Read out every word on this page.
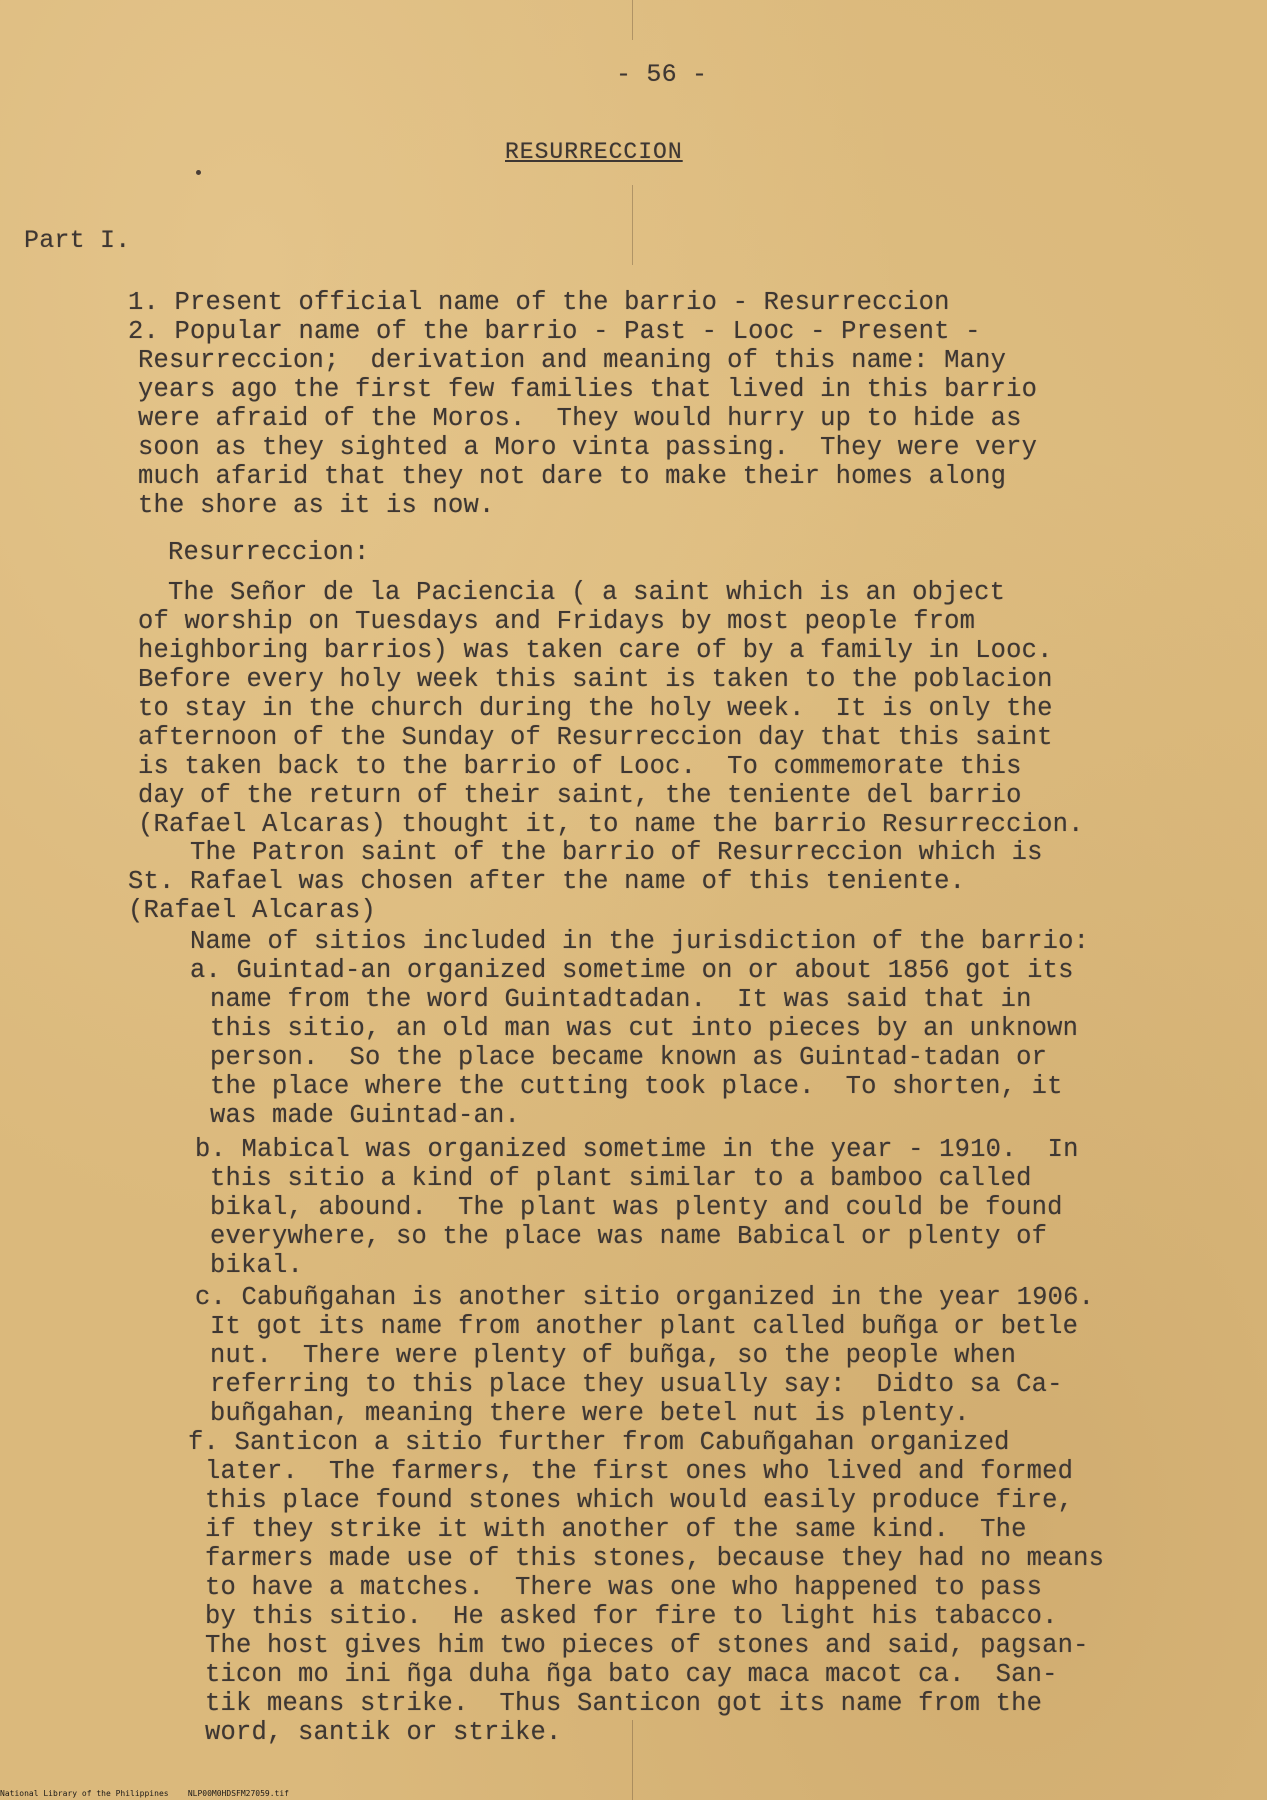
- 56 -
RESURRECCION
Part I.
1. Present official name of the barrio - Resurreccion
2. Popular name of the barrio - Past - Looc - Present -
Resurreccion;  derivation and meaning of this name: Many
years ago the first few families that lived in this barrio
were afraid of the Moros.  They would hurry up to hide as
soon as they sighted a Moro vinta passing.  They were very
much afarid that they not dare to make their homes along
the shore as it is now.
Resurreccion:
The Señor de la Paciencia ( a saint which is an object
of worship on Tuesdays and Fridays by most people from
heighboring barrios) was taken care of by a family in Looc.
Before every holy week this saint is taken to the poblacion
to stay in the church during the holy week.  It is only the
afternoon of the Sunday of Resurreccion day that this saint
is taken back to the barrio of Looc.  To commemorate this
day of the return of their saint, the teniente del barrio
(Rafael Alcaras) thought it, to name the barrio Resurreccion.
The Patron saint of the barrio of Resurreccion which is
St. Rafael was chosen after the name of this teniente.
(Rafael Alcaras)
Name of sitios included in the jurisdiction of the barrio:
a. Guintad-an organized sometime on or about 1856 got its
name from the word Guintadtadan.  It was said that in
this sitio, an old man was cut into pieces by an unknown
person.  So the place became known as Guintad-tadan or
the place where the cutting took place.  To shorten, it
was made Guintad-an.
b. Mabical was organized sometime in the year - 1910.  In
this sitio a kind of plant similar to a bamboo called
bikal, abound.  The plant was plenty and could be found
everywhere, so the place was name Babical or plenty of
bikal.
c. Cabuñgahan is another sitio organized in the year 1906.
It got its name from another plant called buñga or betle
nut.  There were plenty of buñga, so the people when
referring to this place they usually say:  Didto sa Ca-
buñgahan, meaning there were betel nut is plenty.
f. Santicon a sitio further from Cabuñgahan organized
later.  The farmers, the first ones who lived and formed
this place found stones which would easily produce fire,
if they strike it with another of the same kind.  The
farmers made use of this stones, because they had no means
to have a matches.  There was one who happened to pass
by this sitio.  He asked for fire to light his tabacco.
The host gives him two pieces of stones and said, pagsan-
ticon mo ini ñga duha ñga bato cay maca macot ca.  San-
tik means strike.  Thus Santicon got its name from the
word, santik or strike.
National Library of the Philippines    NLP00M0HDSFM27059.tif
